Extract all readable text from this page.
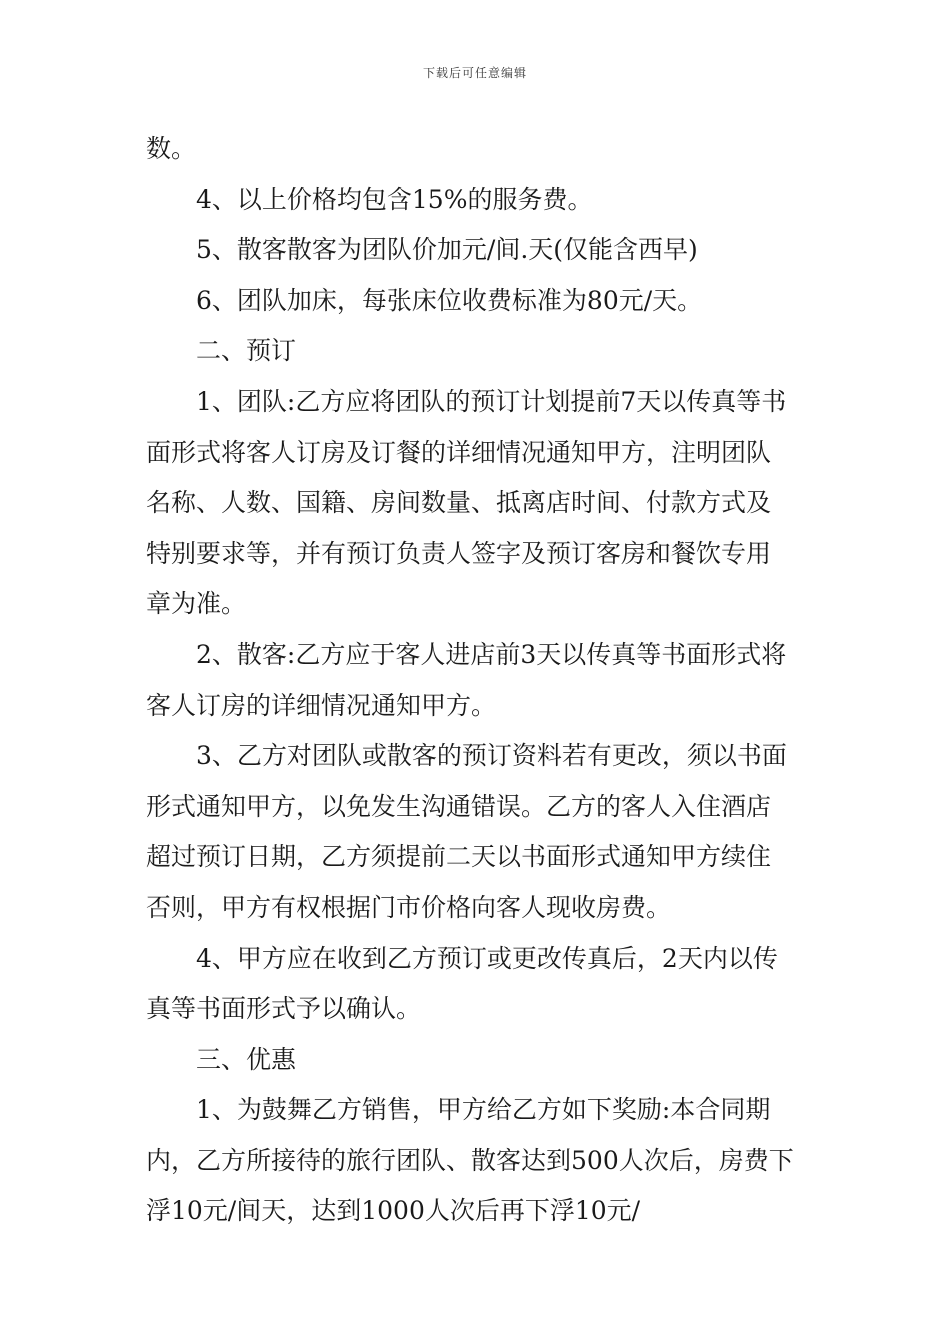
下载后可任意编辑
数。
4、以上价格均包含15%的服务费。
5、散客散客为团队价加元/间.天(仅能含西早)
6、团队加床，每张床位收费标准为80元/天。
二、预订
1、团队:乙方应将团队的预订计划提前7天以传真等书
面形式将客人订房及订餐的详细情况通知甲方，注明团队
名称、人数、国籍、房间数量、抵离店时间、付款方式及
特别要求等，并有预订负责人签字及预订客房和餐饮专用
章为准。
2、散客:乙方应于客人进店前3天以传真等书面形式将
客人订房的详细情况通知甲方。
3、乙方对团队或散客的预订资料若有更改，须以书面
形式通知甲方，以免发生沟通错误。乙方的客人入住酒店
超过预订日期，乙方须提前二天以书面形式通知甲方续住
否则，甲方有权根据门市价格向客人现收房费。
4、甲方应在收到乙方预订或更改传真后，2天内以传
真等书面形式予以确认。
三、优惠
1、为鼓舞乙方销售，甲方给乙方如下奖励:本合同期
内，乙方所接待的旅行团队、散客达到500人次后，房费下
浮10元/间天，达到1000人次后再下浮10元/
